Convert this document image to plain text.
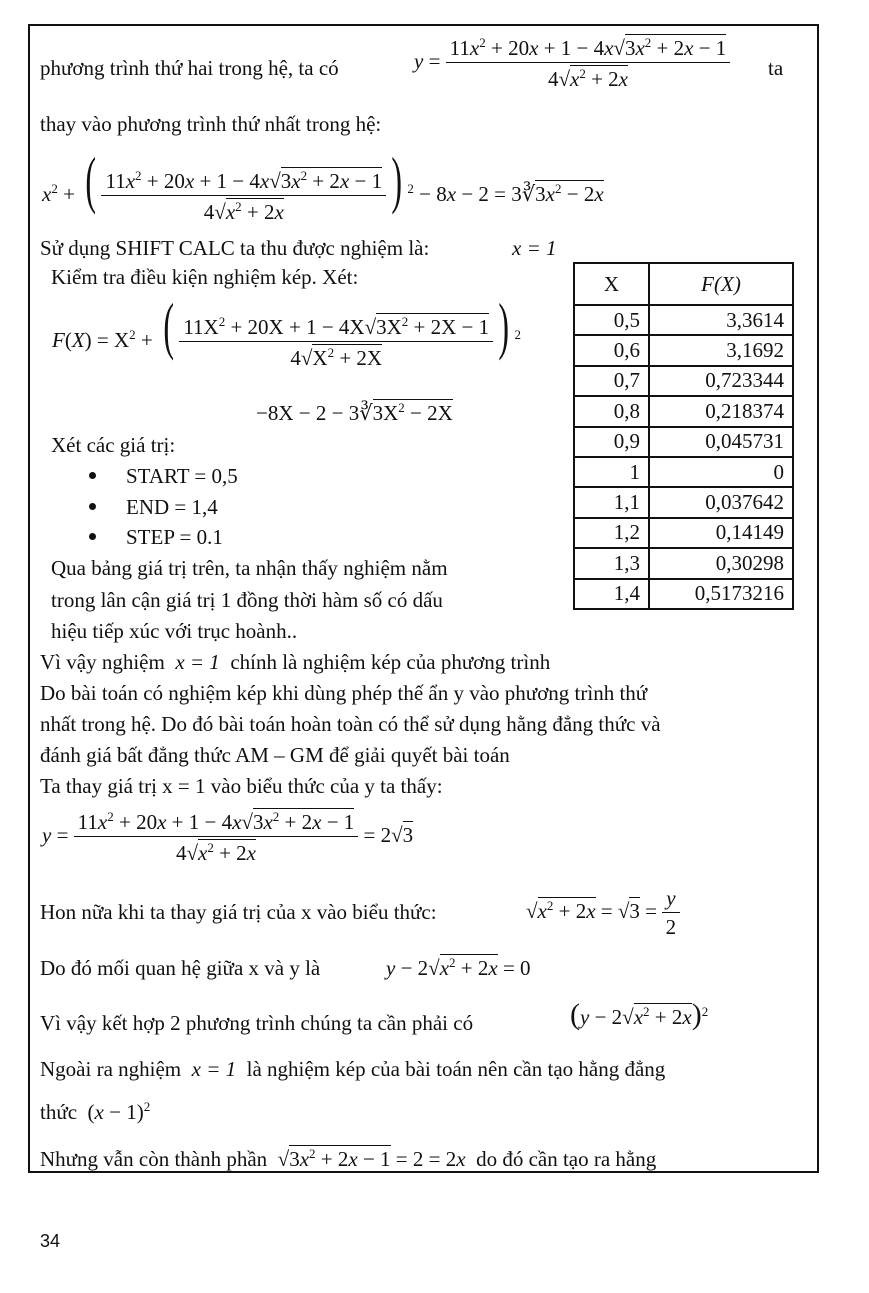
phương trình thứ hai trong hệ, ta có	$y = \frac{11x^2 + 20x + 1 - 4x√3x^2 + 2x - 1}{4√x^2 + 2x}$ ta
thay vào phương trình thứ nhất trong hệ:
$x^2$ + ( $\frac{11x^2 + 20x + 1 - 4x√3x^2 + 2x - 1}{4√x^2 + 2x}$ ) $^2 - 8x - 2 = 3∛3x^2 - 2x$
Sử dụng SHIFT CALC ta thu được nghiệm là:	x = 1
Kiểm tra điều kiện nghiệm kép. Xét:
$F(X) = X^2$ + ( $\frac{11X^2 + 20X + 1 - 4X√3X^2 + 2X - 1}{4√X^2 + 2X}$ ) $^2$
$-8X - 2 - 3∛3X^2 - 2X$
Xét các giá trị:
START = 0,5
END = 1,4
STEP = 0.1
Qua bảng giá trị trên, ta nhận thấy nghiệm nằm
trong lân cận giá trị 1 đồng thời hàm số có dấu
hiệu tiếp xúc với trục hoành..
X	F(X)
0,5	3,3614
0,6	3,1692
0,7	0,723344
0,8	0,218374
0,9	0,045731
1	0
1,1	0,037642
1,2	0,14149
1,3	0,30298
1,4	0,5173216
Vì vậy nghiệm  x = 1  chính là nghiệm kép của phương trình
Do bài toán có nghiệm kép khi dùng phép thế ẩn y vào phương trình thứ
nhất trong hệ. Do đó bài toán hoàn toàn có thể sử dụng hằng đẳng thức và
đánh giá bất đẳng thức AM – GM để giải quyết bài toán
Ta thay giá trị x = 1 vào biểu thức của y ta thấy:
$y = \frac{11x^2 + 20x + 1 - 4x√3x^2 + 2x - 1}{4√x^2 + 2x} = 2√3$
Hon nữa khi ta thay giá trị của x vào biểu thức:	$√x^2 + 2x = √3 = \frac{y}{2}$
Do đó mối quan hệ giữa x và y là	$y - 2√x^2 + 2x = 0$
Vì vậy kết hợp 2 phương trình chúng ta cần phải có	$(y - 2√x^2 + 2x)^2$
Ngoài ra nghiệm  x = 1  là nghiệm kép của bài toán nên cần tạo hằng đẳng
thức  $(x - 1)^2$
Nhưng vẫn còn thành phần  $√3x^2 + 2x - 1 = 2 = 2x$ do đó cần tạo ra hằng
34
